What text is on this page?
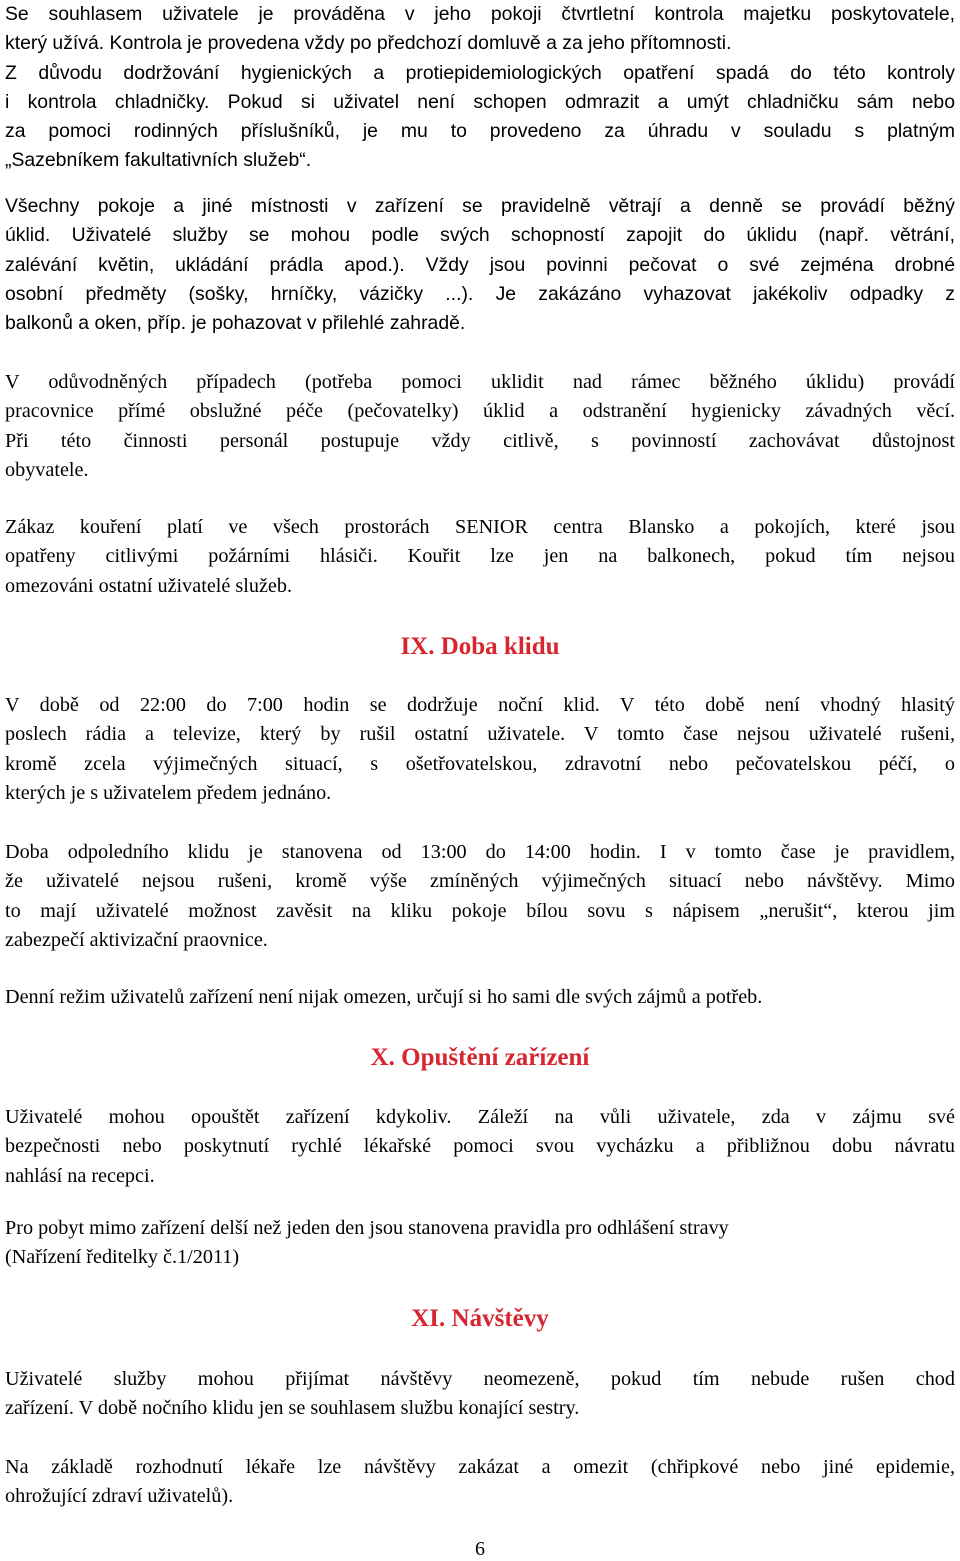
Se souhlasem uživatele je prováděna v jeho pokoji čtvrtletní kontrola majetku poskytovatele,
který užívá. Kontrola je provedena vždy po předchozí domluvě a za jeho přítomnosti.
Z důvodu dodržování hygienických a protiepidemiologických opatření spadá do této kontroly
i kontrola chladničky. Pokud si uživatel není schopen odmrazit a umýt chladničku sám nebo
za pomoci rodinných příslušníků, je mu to provedeno za úhradu v souladu s platným
„Sazebníkem fakultativních služeb“.

Všechny pokoje a jiné místnosti v zařízení se pravidelně větrají a denně se provádí běžný
úklid. Uživatelé služby se mohou podle svých schopností zapojit do úklidu (např. větrání,
zalévání květin, ukládání prádla apod.). Vždy jsou povinni pečovat o své zejména drobné
osobní předměty (sošky, hrníčky, vázičky ...). Je zakázáno vyhazovat jakékoliv odpadky z
balkonů a oken, příp. je pohazovat v přilehlé zahradě.

V odůvodněných případech (potřeba pomoci uklidit nad rámec běžného úklidu) provádí
pracovnice přímé obslužné péče (pečovatelky) úklid a odstranění hygienicky závadných věcí.
Při této činnosti personál postupuje vždy citlivě, s povinností zachovávat důstojnost
obyvatele.

Zákaz kouření platí ve všech prostorách SENIOR centra Blansko a pokojích, které jsou
opatřeny citlivými požárními hlásiči. Kouřit lze jen na balkonech, pokud tím nejsou
omezováni ostatní uživatelé služeb.

IX. Doba klidu

V době od 22:00 do 7:00 hodin se dodržuje noční klid. V této době není vhodný hlasitý
poslech rádia a televize, který by rušil ostatní uživatele. V tomto čase nejsou uživatelé rušeni,
kromě zcela výjimečných situací, s ošetřovatelskou, zdravotní nebo pečovatelskou péčí, o
kterých je s uživatelem předem jednáno.

Doba odpoledního klidu je stanovena od 13:00 do 14:00 hodin. I v tomto čase je pravidlem,
že uživatelé nejsou rušeni, kromě výše zmíněných výjimečných situací nebo návštěvy. Mimo
to mají uživatelé možnost zavěsit na kliku pokoje bílou sovu s nápisem „nerušit“, kterou jim
zabezpečí aktivizační praovnice.

Denní režim uživatelů zařízení není nijak omezen, určují si ho sami dle svých zájmů a potřeb.

X. Opuštění zařízení

Uživatelé mohou opouštět zařízení kdykoliv. Záleží na vůli uživatele, zda v zájmu své
bezpečnosti nebo poskytnutí rychlé lékařské pomoci svou vycházku a přibližnou dobu návratu
nahlásí na recepci.

Pro pobyt mimo zařízení delší než jeden den jsou stanovena pravidla pro odhlášení stravy
(Nařízení ředitelky č.1/2011)

XI. Návštěvy

Uživatelé služby mohou přijímat návštěvy neomezeně, pokud tím nebude rušen chod
zařízení. V době nočního klidu jen se souhlasem službu konající sestry.

Na základě rozhodnutí lékaře lze návštěvy zakázat a omezit (chřipkové nebo jiné epidemie,
ohrožující zdraví uživatelů).

6
